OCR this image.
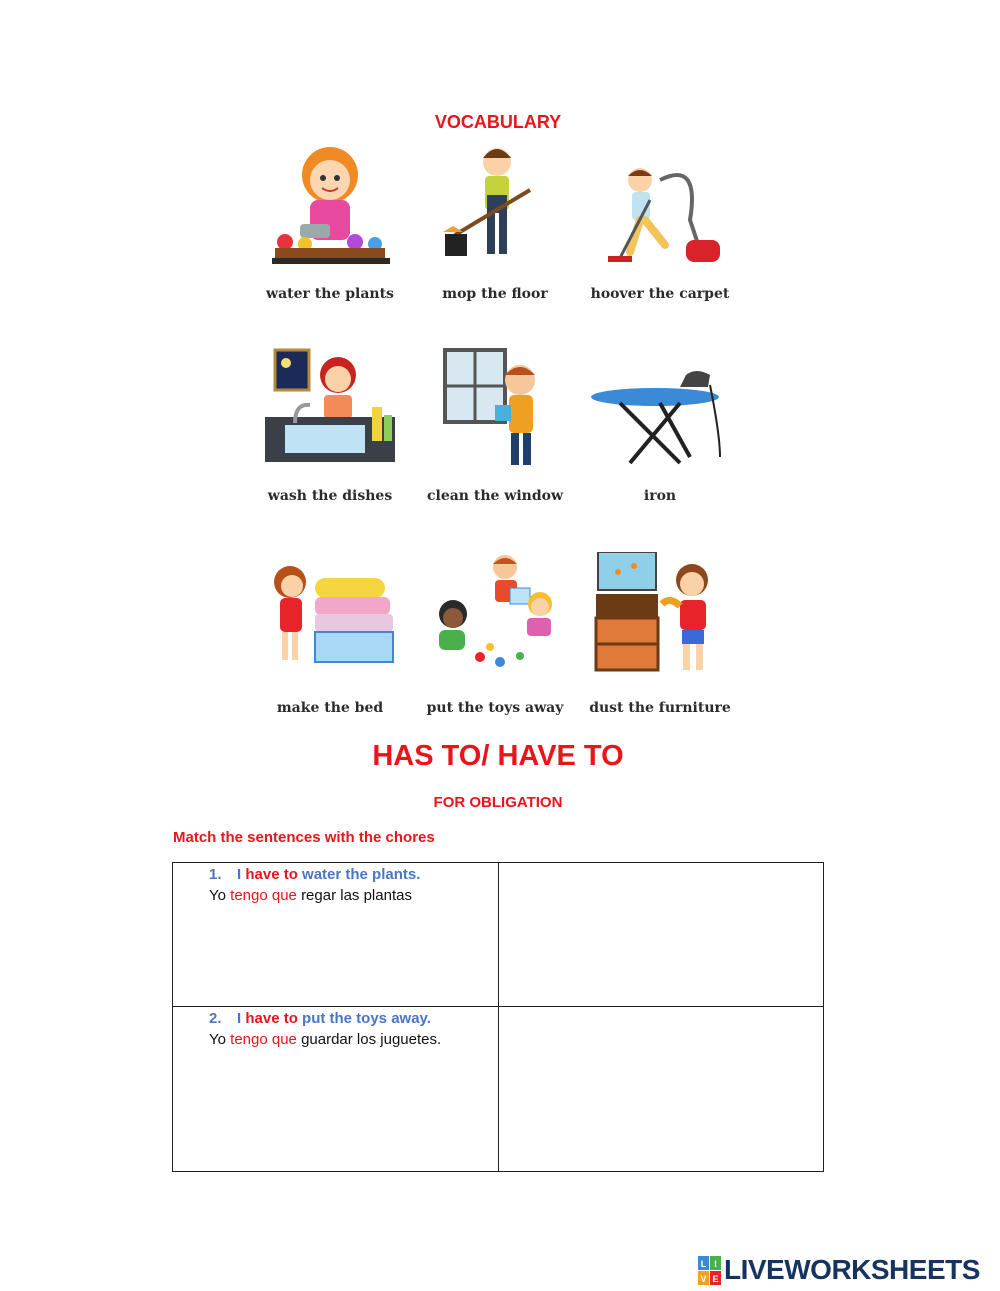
VOCABULARY
water the plants	mop the floor	hoover the carpet
wash the dishes	clean the window	iron
make the bed	put the toys away	dust the furniture
HAS TO/ HAVE TO
FOR OBLIGATION
Match the sentences with the chores
1. I have to water the plants.
Yo tengo que regar las plantas	

2. I have to put the toys away.
Yo tengo que guardar los juguetes.	

L I
V E LIVEWORKSHEETS
